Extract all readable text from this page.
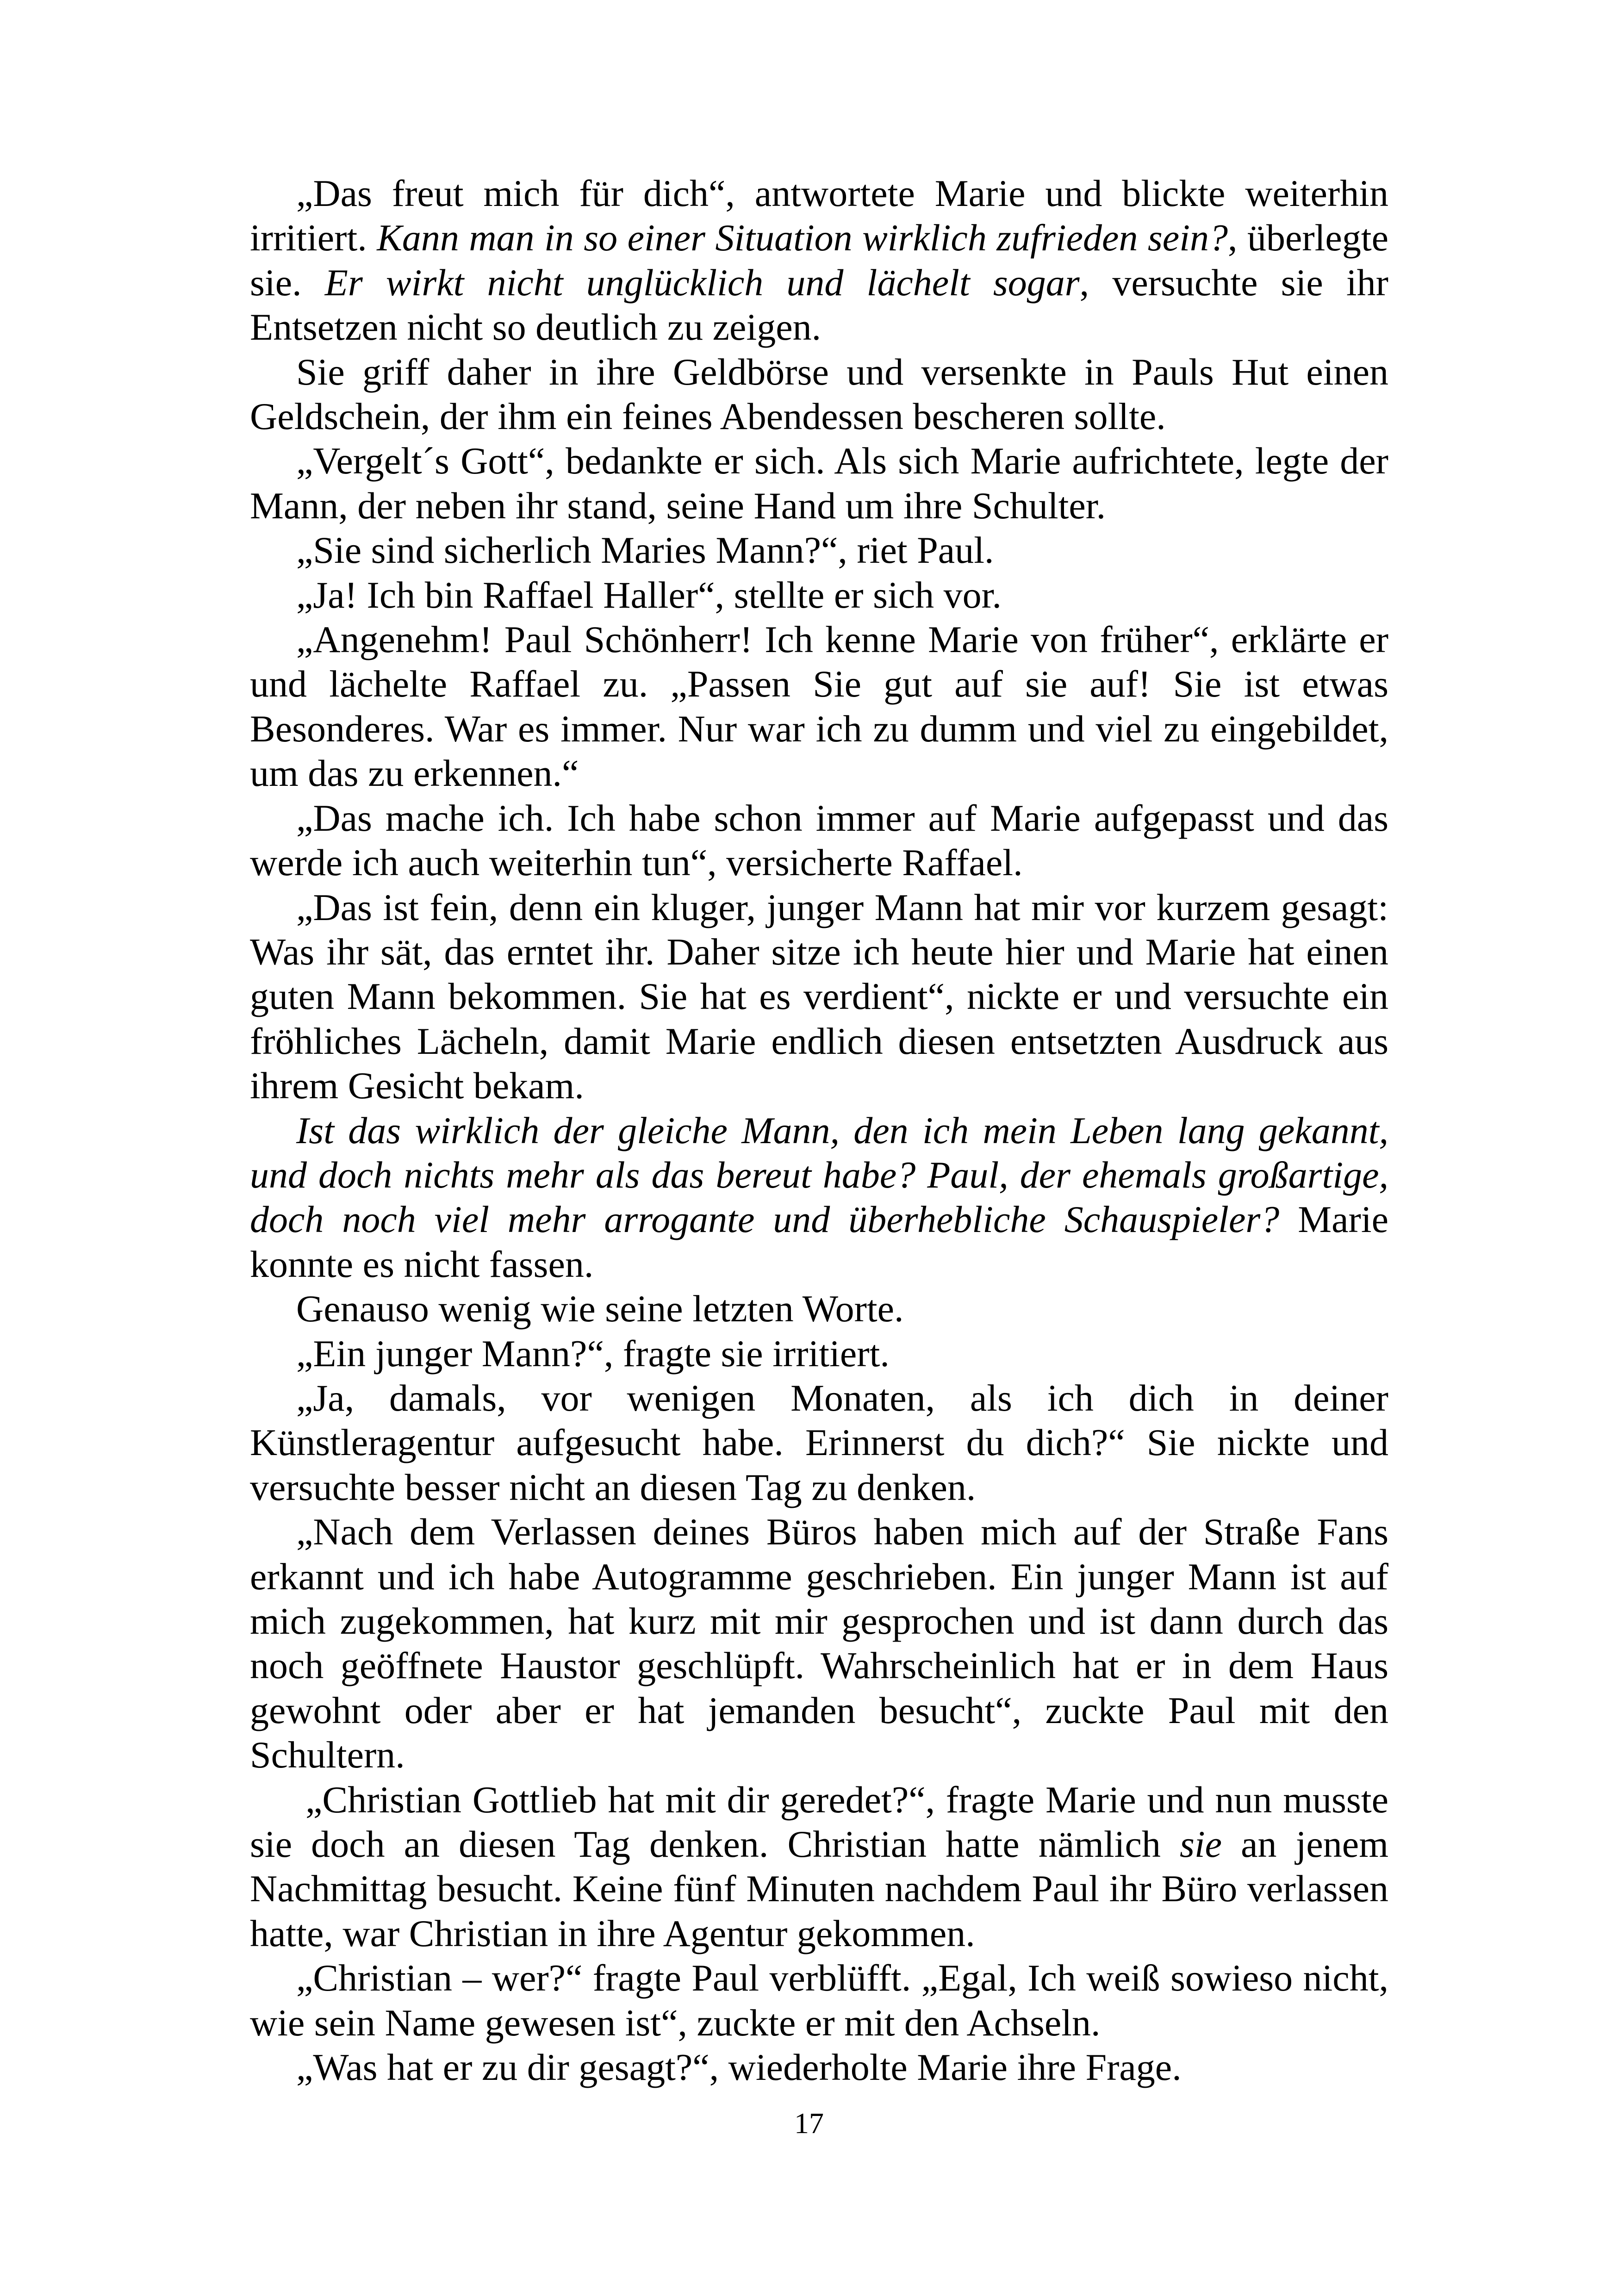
„Das freut mich für dich“, antwortete Marie und blickte weiterhin irritiert. Kann man in so einer Situation wirklich zufrieden sein?, überlegte sie. Er wirkt nicht unglücklich und lächelt sogar, versuchte sie ihr Entsetzen nicht so deutlich zu zeigen.

Sie griff daher in ihre Geldbörse und versenkte in Pauls Hut einen Geldschein, der ihm ein feines Abendessen bescheren sollte.

„Vergelt´s Gott“, bedankte er sich. Als sich Marie aufrichtete, legte der Mann, der neben ihr stand, seine Hand um ihre Schulter.

„Sie sind sicherlich Maries Mann?“, riet Paul.

„Ja! Ich bin Raffael Haller“, stellte er sich vor.

„Angenehm! Paul Schönherr! Ich kenne Marie von früher“, erklärte er und lächelte Raffael zu. „Passen Sie gut auf sie auf! Sie ist etwas Besonderes. War es immer. Nur war ich zu dumm und viel zu eingebildet, um das zu erkennen.“

„Das mache ich. Ich habe schon immer auf Marie aufgepasst und das werde ich auch weiterhin tun“, versicherte Raffael.

„Das ist fein, denn ein kluger, junger Mann hat mir vor kurzem gesagt: Was ihr sät, das erntet ihr. Daher sitze ich heute hier und Marie hat einen guten Mann bekommen. Sie hat es verdient“, nickte er und versuchte ein fröhliches Lächeln, damit Marie endlich diesen entsetzten Ausdruck aus ihrem Gesicht bekam.

Ist das wirklich der gleiche Mann, den ich mein Leben lang gekannt, und doch nichts mehr als das bereut habe? Paul, der ehemals großartige, doch noch viel mehr arrogante und überhebliche Schauspieler? Marie konnte es nicht fassen.

Genauso wenig wie seine letzten Worte.

„Ein junger Mann?“, fragte sie irritiert.

„Ja, damals, vor wenigen Monaten, als ich dich in deiner Künstleragentur aufgesucht habe. Erinnerst du dich?“ Sie nickte und versuchte besser nicht an diesen Tag zu denken.

„Nach dem Verlassen deines Büros haben mich auf der Straße Fans erkannt und ich habe Autogramme geschrieben. Ein junger Mann ist auf mich zugekommen, hat kurz mit mir gesprochen und ist dann durch das noch geöffnete Haustor geschlüpft. Wahrscheinlich hat er in dem Haus gewohnt oder aber er hat jemanden besucht“, zuckte Paul mit den Schultern.

„Christian Gottlieb hat mit dir geredet?“, fragte Marie und nun musste sie doch an diesen Tag denken. Christian hatte nämlich sie an jenem Nachmittag besucht. Keine fünf Minuten nachdem Paul ihr Büro verlassen hatte, war Christian in ihre Agentur gekommen.

„Christian – wer?“ fragte Paul verblüfft. „Egal, Ich weiß sowieso nicht, wie sein Name gewesen ist“, zuckte er mit den Achseln.

„Was hat er zu dir gesagt?“, wiederholte Marie ihre Frage.

17
